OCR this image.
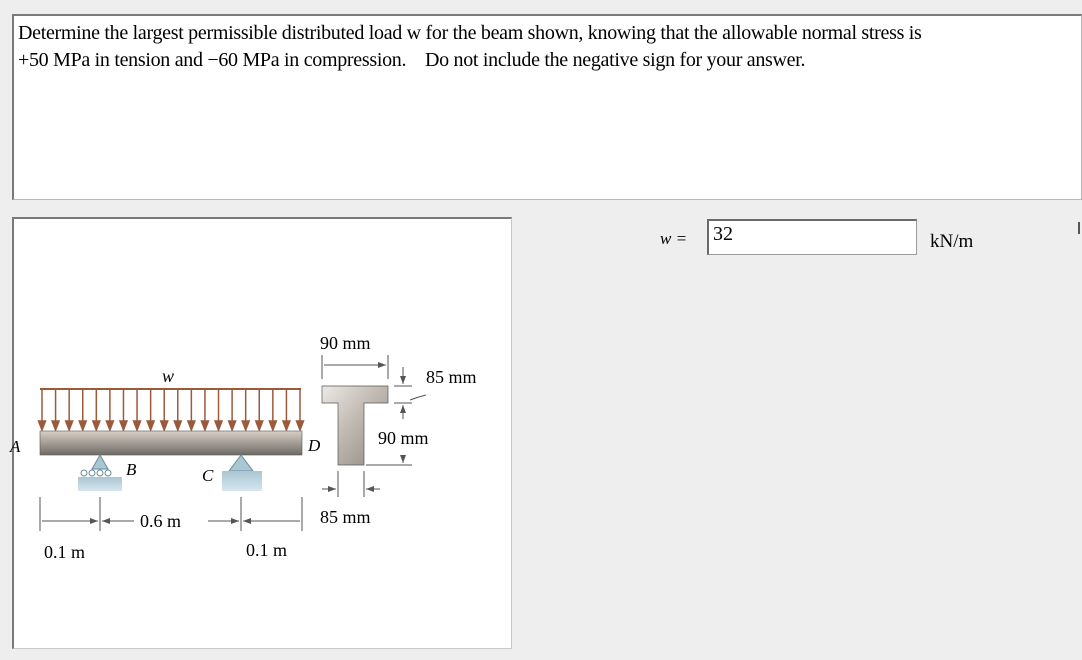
Determine the largest permissible distributed load w for the beam shown, knowing that the allowable normal stress is
+50 MPa in tension and −60 MPa in compression.    Do not include the negative sign for your answer.
w
A	D
B	C
0.6 m
0.1 m	0.1 m
90 mm
85 mm
90 mm
85 mm
w =
32	kN/m
